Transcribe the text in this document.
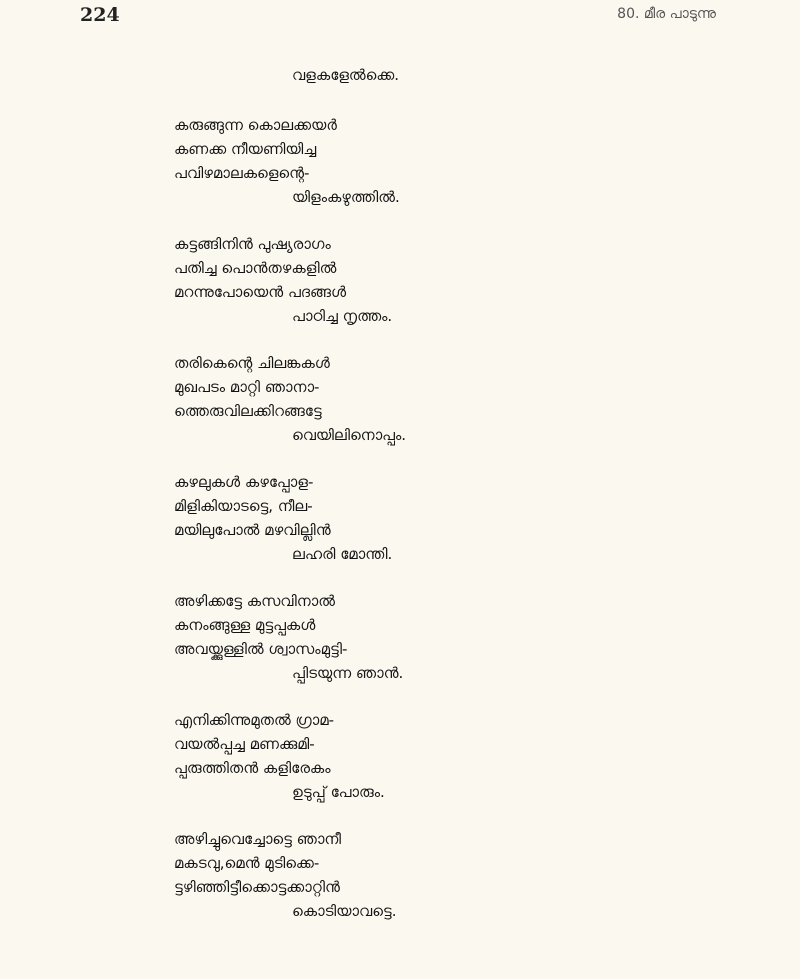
224	80. മീര പാടുന്നു
വളകളേൽക്കെ.
കരുങ്ങുന്ന കൊലക്കയർ
കണക്ക നീയണിയിച്ച
പവിഴമാലകളെന്റെ-
യിളംകഴുത്തിൽ.
കട്ടങ്ങിനിൻ പുഷ്യരാഗം
പതിച്ച പൊൻതഴകളിൽ
മറന്നുപോയെൻ പദങ്ങൾ
പാഠിച്ച നൃത്തം.
തരികെന്റെ ചിലങ്കകൾ
മുഖപടം മാറ്റി ഞാനാ-
ത്തെരുവിലക്കിറങ്ങട്ടേ
വെയിലിനൊപ്പം.
കഴലുകൾ കഴപ്പോള-
മിളികിയാടട്ടെ, നീല-
മയിലുപോൽ മഴവില്ലിൻ
ലഹരി മോന്തി.
അഴിക്കട്ടേ കസവിനാൽ
കനംങ്ങുള്ള മുട്ടപ്പകൾ
അവയ്ക്കുള്ളിൽ ശ്വാസംമുട്ടി-
പ്പിടയുന്ന ഞാൻ.
എനിക്കിന്നുമുതൽ ഗ്രാമ-
വയൽപ്പച്ച മണക്കുമി-
പ്പരുത്തിതൻ കളിരേകം
ഉടുപ്പ് പോരും.
അഴിച്ചുവെച്ചോട്ടെ ഞാനീ
മകടവു,മെൻ മുടിക്കെ-
ട്ടഴിഞ്ഞിട്ടീക്കൊട്ടക്കാറ്റിൻ
കൊടിയാവട്ടെ.
